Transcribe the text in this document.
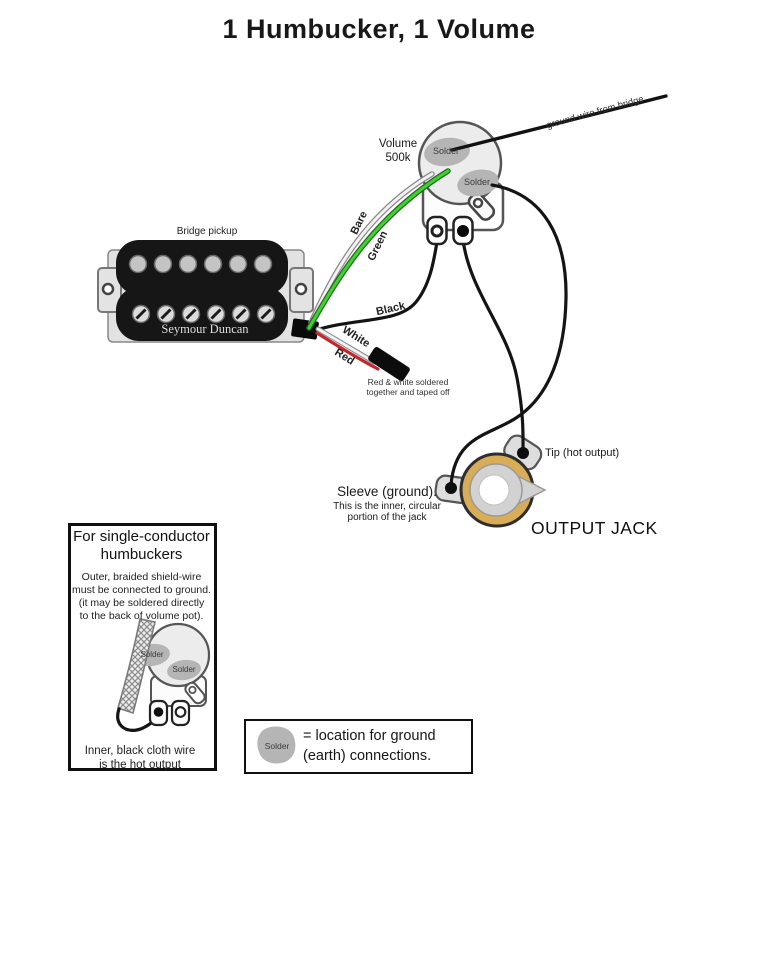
1 Humbucker, 1 Volume
Volume
500k
ground wire from bridge
Solder
Solder
Bridge pickup
Seymour Duncan
Bare
Green
Black
White
Red
Red & white soldered
together and taped off
Tip (hot output)
Sleeve (ground).
This is the inner, circular
portion of the jack
OUTPUT JACK
For single-conductor
humbuckers
Outer, braided shield-wire
must be connected to ground.
(it may be soldered directly
to the back of volume pot).
Solder
Solder
Inner, black cloth wire
is the hot output
Solder
= location for ground
(earth) connections.
